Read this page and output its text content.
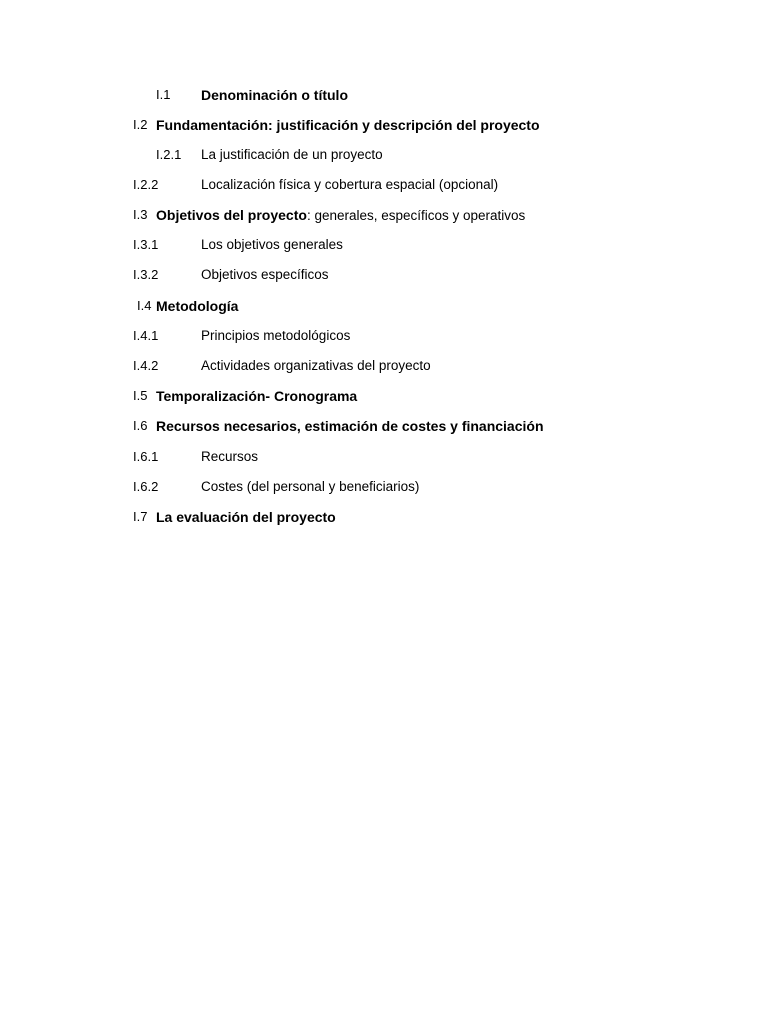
I.1 Denominación o título
I.2 Fundamentación: justificación y descripción del proyecto
I.2.1 La justificación de un proyecto
I.2.2	Localización física y cobertura espacial (opcional)
I.3 Objetivos del proyecto: generales, específicos y operativos
I.3.1	Los objetivos generales
I.3.2	Objetivos específicos
I.4 Metodología
I.4.1	Principios metodológicos
I.4.2	Actividades organizativas del proyecto
I.5 Temporalización- Cronograma
I.6 Recursos necesarios, estimación de costes y financiación
I.6.1	Recursos
I.6.2	Costes (del personal y beneficiarios)
I.7 La evaluación del proyecto
